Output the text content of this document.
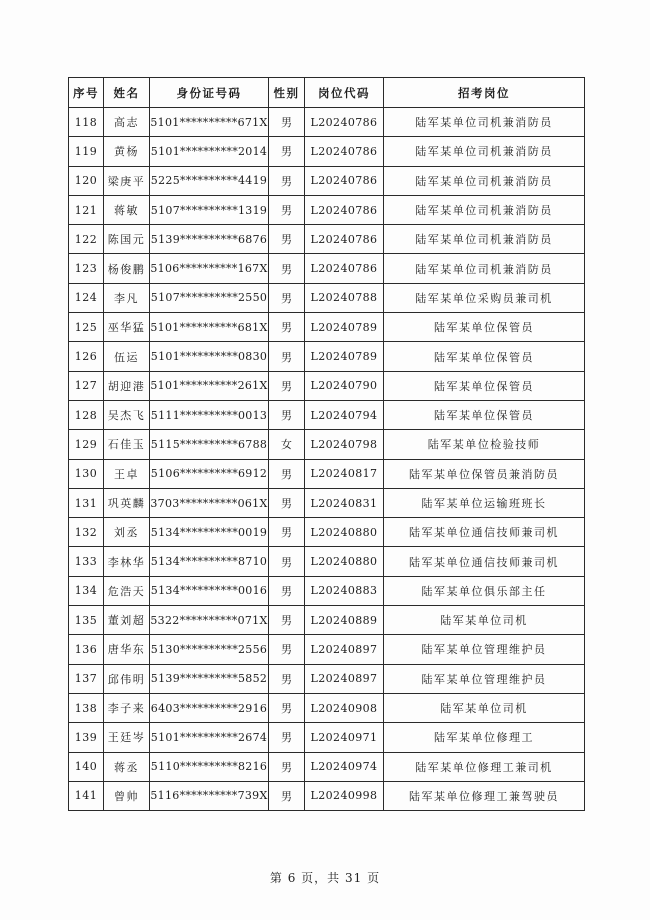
序号	姓名	身份证号码	性别	岗位代码	招考岗位
118	高志	5101**********671X	男	L20240786	陆军某单位司机兼消防员
119	黄杨	5101**********2014	男	L20240786	陆军某单位司机兼消防员
120	梁庚平	5225**********4419	男	L20240786	陆军某单位司机兼消防员
121	蒋敏	5107**********1319	男	L20240786	陆军某单位司机兼消防员
122	陈国元	5139**********6876	男	L20240786	陆军某单位司机兼消防员
123	杨俊鹏	5106**********167X	男	L20240786	陆军某单位司机兼消防员
124	李凡	5107**********2550	男	L20240788	陆军某单位采购员兼司机
125	巫华猛	5101**********681X	男	L20240789	陆军某单位保管员
126	伍运	5101**********0830	男	L20240789	陆军某单位保管员
127	胡迎港	5101**********261X	男	L20240790	陆军某单位保管员
128	吴杰飞	5111**********0013	男	L20240794	陆军某单位保管员
129	石佳玉	5115**********6788	女	L20240798	陆军某单位检验技师
130	王卓	5106**********6912	男	L20240817	陆军某单位保管员兼消防员
131	巩英麟	3703**********061X	男	L20240831	陆军某单位运输班班长
132	刘丞	5134**********0019	男	L20240880	陆军某单位通信技师兼司机
133	李林华	5134**********8710	男	L20240880	陆军某单位通信技师兼司机
134	危浩天	5134**********0016	男	L20240883	陆军某单位俱乐部主任
135	董刘超	5322**********071X	男	L20240889	陆军某单位司机
136	唐华东	5130**********2556	男	L20240897	陆军某单位管理维护员
137	邱伟明	5139**********5852	男	L20240897	陆军某单位管理维护员
138	李子来	6403**********2916	男	L20240908	陆军某单位司机
139	王廷岑	5101**********2674	男	L20240971	陆军某单位修理工
140	蒋丞	5110**********8216	男	L20240974	陆军某单位修理工兼司机
141	曾帅	5116**********739X	男	L20240998	陆军某单位修理工兼驾驶员
第 6 页，共 31 页
